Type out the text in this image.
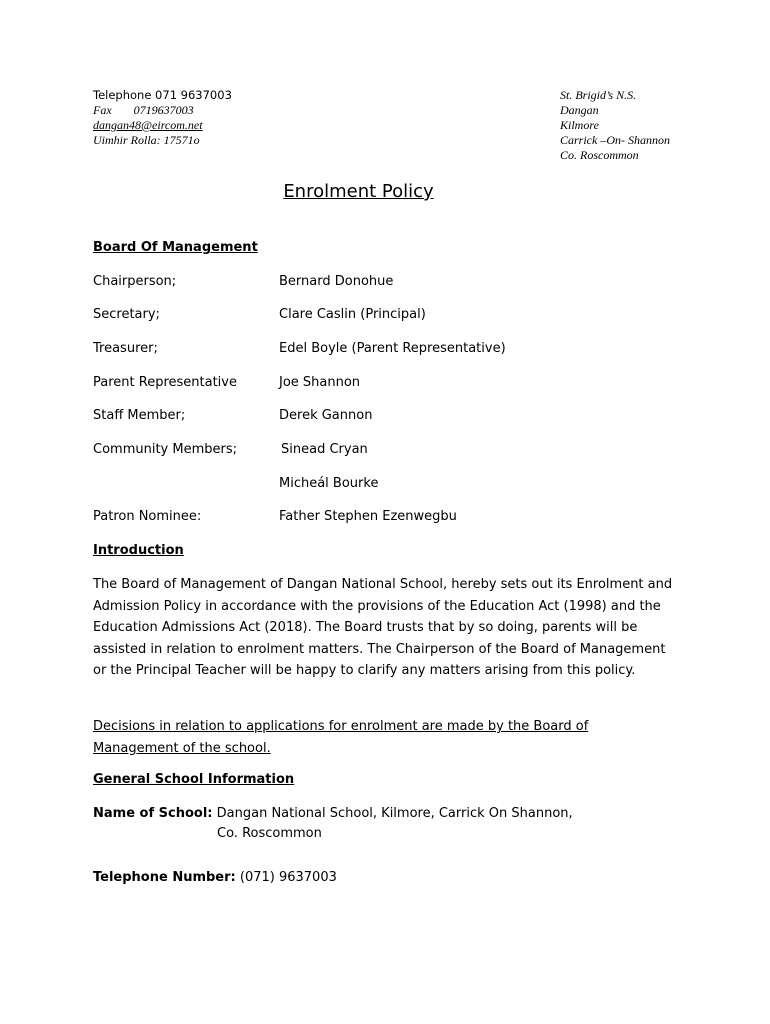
Telephone 071 9637003
Fax 0719637003
dangan48@eircom.net
Uimhir Rolla: 17571o
St. Brigid’s N.S.
Dangan
Kilmore
Carrick –On- Shannon
Co. Roscommon
Enrolment Policy
Board Of Management
Chairperson;	Bernard Donohue
Secretary;	Clare Caslin (Principal)
Treasurer;	Edel Boyle (Parent Representative)
Parent Representative	Joe Shannon
Staff Member;	Derek Gannon
Community Members;	Sinead Cryan
Micheál Bourke
Patron Nominee:	Father Stephen Ezenwegbu
Introduction
The Board of Management of Dangan National School, hereby sets out its Enrolment and Admission Policy in accordance with the provisions of the Education Act (1998) and the Education Admissions Act (2018). The Board trusts that by so doing, parents will be assisted in relation to enrolment matters. The Chairperson of the Board of Management or the Principal Teacher will be happy to clarify any matters arising from this policy.
Decisions in relation to applications for enrolment are made by the Board of Management of the school.
General School Information
Name of School: Dangan National School, Kilmore, Carrick On Shannon,
Co. Roscommon
Telephone Number: (071) 9637003
